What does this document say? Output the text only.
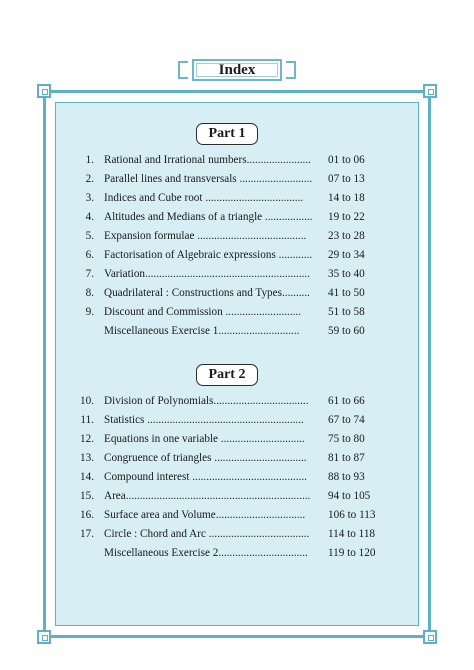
Index
Part 1
1. Rational and Irrational numbers.......................	01 to 06
2. Parallel lines and transversals ..........................	07 to 13
3. Indices and Cube root ...................................	14 to 18
4. Altitudes and Medians of a triangle .................	19 to 22
5. Expansion formulae .......................................	23 to 28
6. Factorisation of Algebraic expressions ............	29 to 34
7. Variation...........................................................	35 to 40
8. Quadrilateral : Constructions and Types..........	41 to 50
9. Discount and Commission ...........................	51 to 58
Miscellaneous Exercise 1.............................	59 to 60
Part 2
10. Division of Polynomials..................................	61 to 66
11. Statistics ........................................................	67 to 74
12. Equations in one variable ..............................	75 to 80
13. Congruence of triangles .................................	81 to 87
14. Compound interest .........................................	88 to 93
15. Area..................................................................	94 to 105
16. Surface area and Volume................................	106 to 113
17. Circle : Chord and Arc ....................................	114 to 118
Miscellaneous Exercise 2................................	119 to 120
